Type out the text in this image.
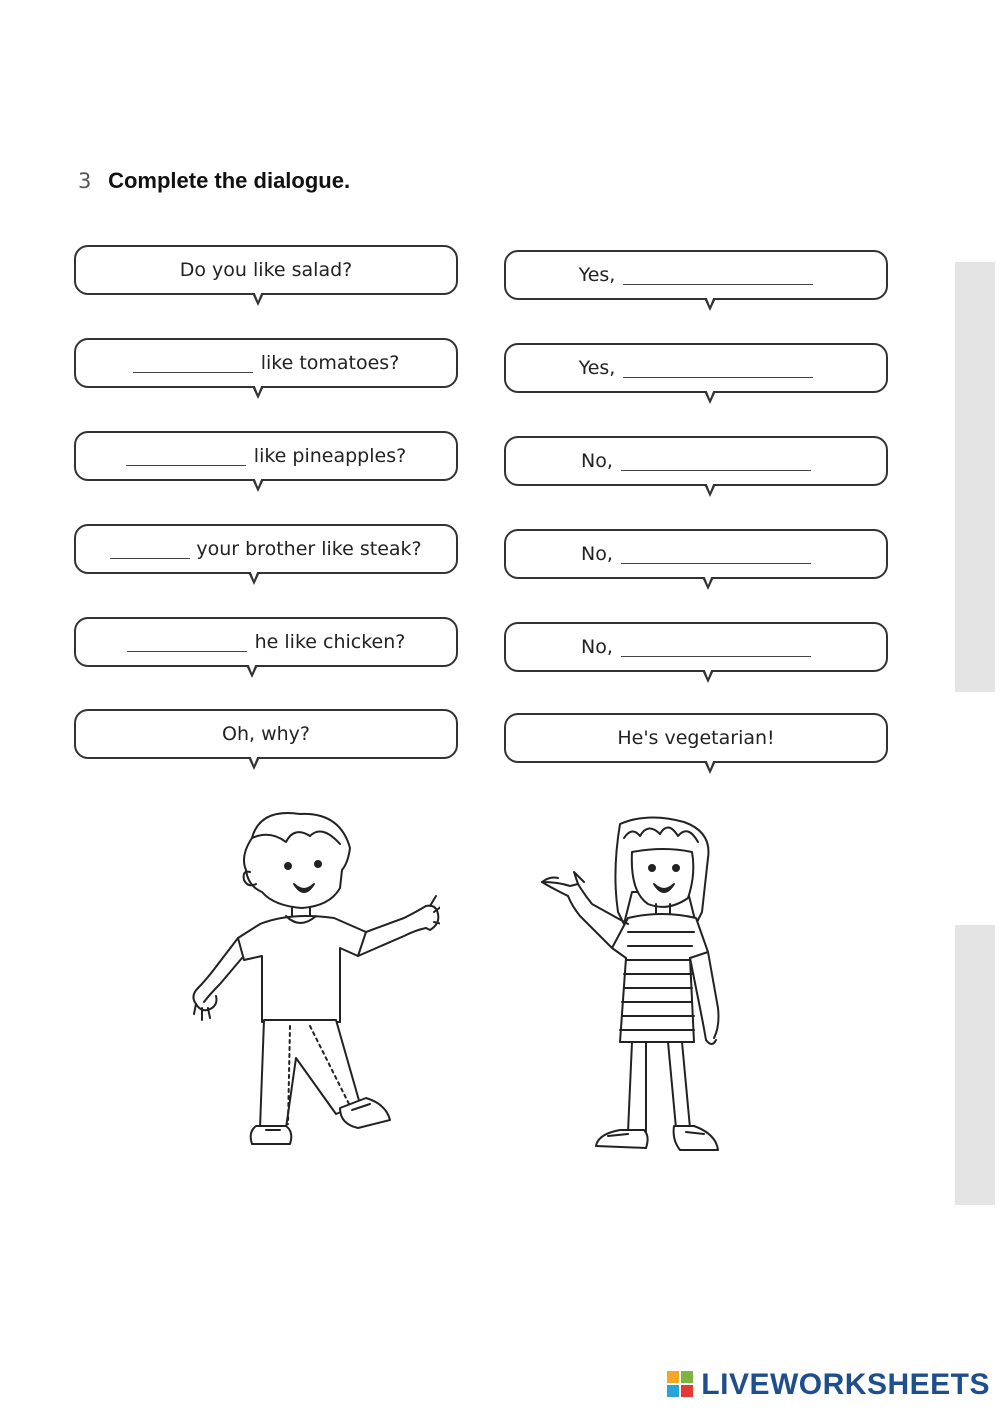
3 Complete the dialogue.
Do you like salad?
like tomatoes?
like pineapples?
your brother like steak?
he like chicken?
Oh, why?
Yes,
Yes,
No,
No,
No,
He's vegetarian!
LIVEWORKSHEETS
